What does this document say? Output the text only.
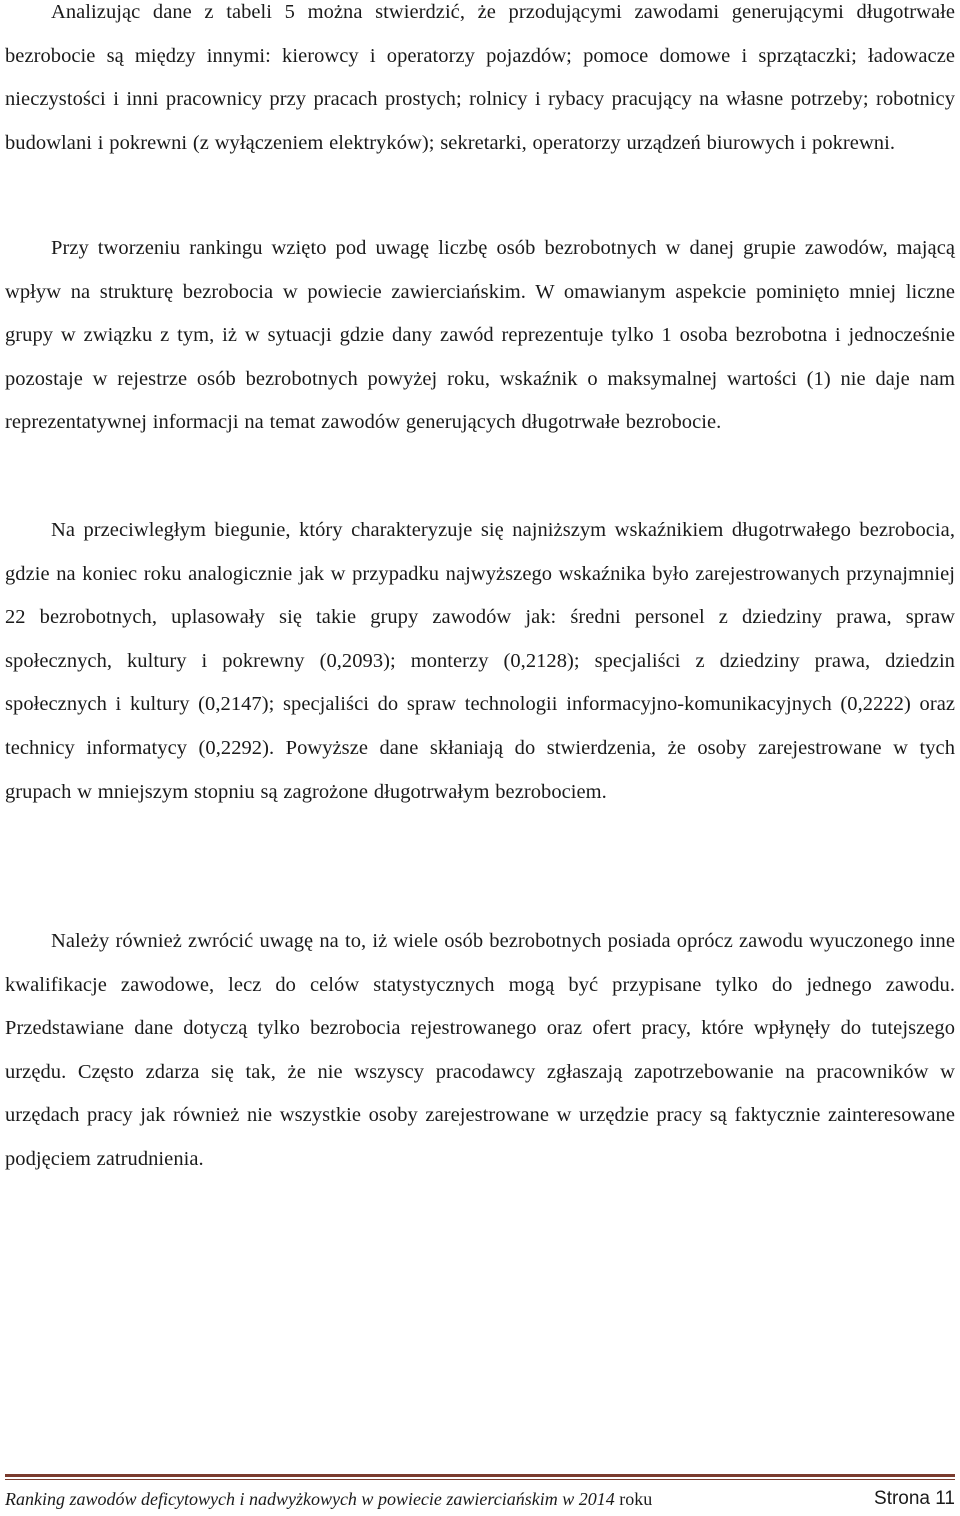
Analizując dane z tabeli 5 można stwierdzić, że przodującymi zawodami generującymi długotrwałe bezrobocie są między innymi: kierowcy i operatorzy pojazdów; pomoce domowe i sprzątaczki; ładowacze nieczystości i inni pracownicy przy pracach prostych; rolnicy i rybacy pracujący na własne potrzeby; robotnicy budowlani i pokrewni (z wyłączeniem elektryków); sekretarki, operatorzy urządzeń biurowych i pokrewni.

Przy tworzeniu rankingu wzięto pod uwagę liczbę osób bezrobotnych w danej grupie zawodów, mającą wpływ na strukturę bezrobocia w powiecie zawierciańskim. W omawianym aspekcie pominięto mniej liczne grupy w związku z tym, iż w sytuacji gdzie dany zawód reprezentuje tylko 1 osoba bezrobotna i jednocześnie pozostaje w rejestrze osób bezrobotnych powyżej roku, wskaźnik o maksymalnej wartości (1) nie daje nam reprezentatywnej informacji na temat zawodów generujących długotrwałe bezrobocie.

Na przeciwległym biegunie, który charakteryzuje się najniższym wskaźnikiem długotrwałego bezrobocia, gdzie na koniec roku analogicznie jak w przypadku najwyższego wskaźnika było zarejestrowanych przynajmniej 22 bezrobotnych, uplasowały się takie grupy zawodów jak: średni personel z dziedziny prawa, spraw społecznych, kultury i pokrewny (0,2093); monterzy (0,2128); specjaliści z dziedziny prawa, dziedzin społecznych i kultury (0,2147); specjaliści do spraw technologii informacyjno-komunikacyjnych (0,2222) oraz technicy informatycy (0,2292). Powyższe dane skłaniają do stwierdzenia, że osoby zarejestrowane w tych grupach w mniejszym stopniu są zagrożone długotrwałym bezrobociem.

Należy również zwrócić uwagę na to, iż wiele osób bezrobotnych posiada oprócz zawodu wyuczonego inne kwalifikacje zawodowe, lecz do celów statystycznych mogą być przypisane tylko do jednego zawodu. Przedstawiane dane dotyczą tylko bezrobocia rejestrowanego oraz ofert pracy, które wpłynęły do tutejszego urzędu. Często zdarza się tak, że nie wszyscy pracodawcy zgłaszają zapotrzebowanie na pracowników w urzędach pracy jak również nie wszystkie osoby zarejestrowane w urzędzie pracy są faktycznie zainteresowane podjęciem zatrudnienia.

Ranking zawodów deficytowych i nadwyżkowych w powiecie zawierciańskim w 2014 roku	Strona 11
